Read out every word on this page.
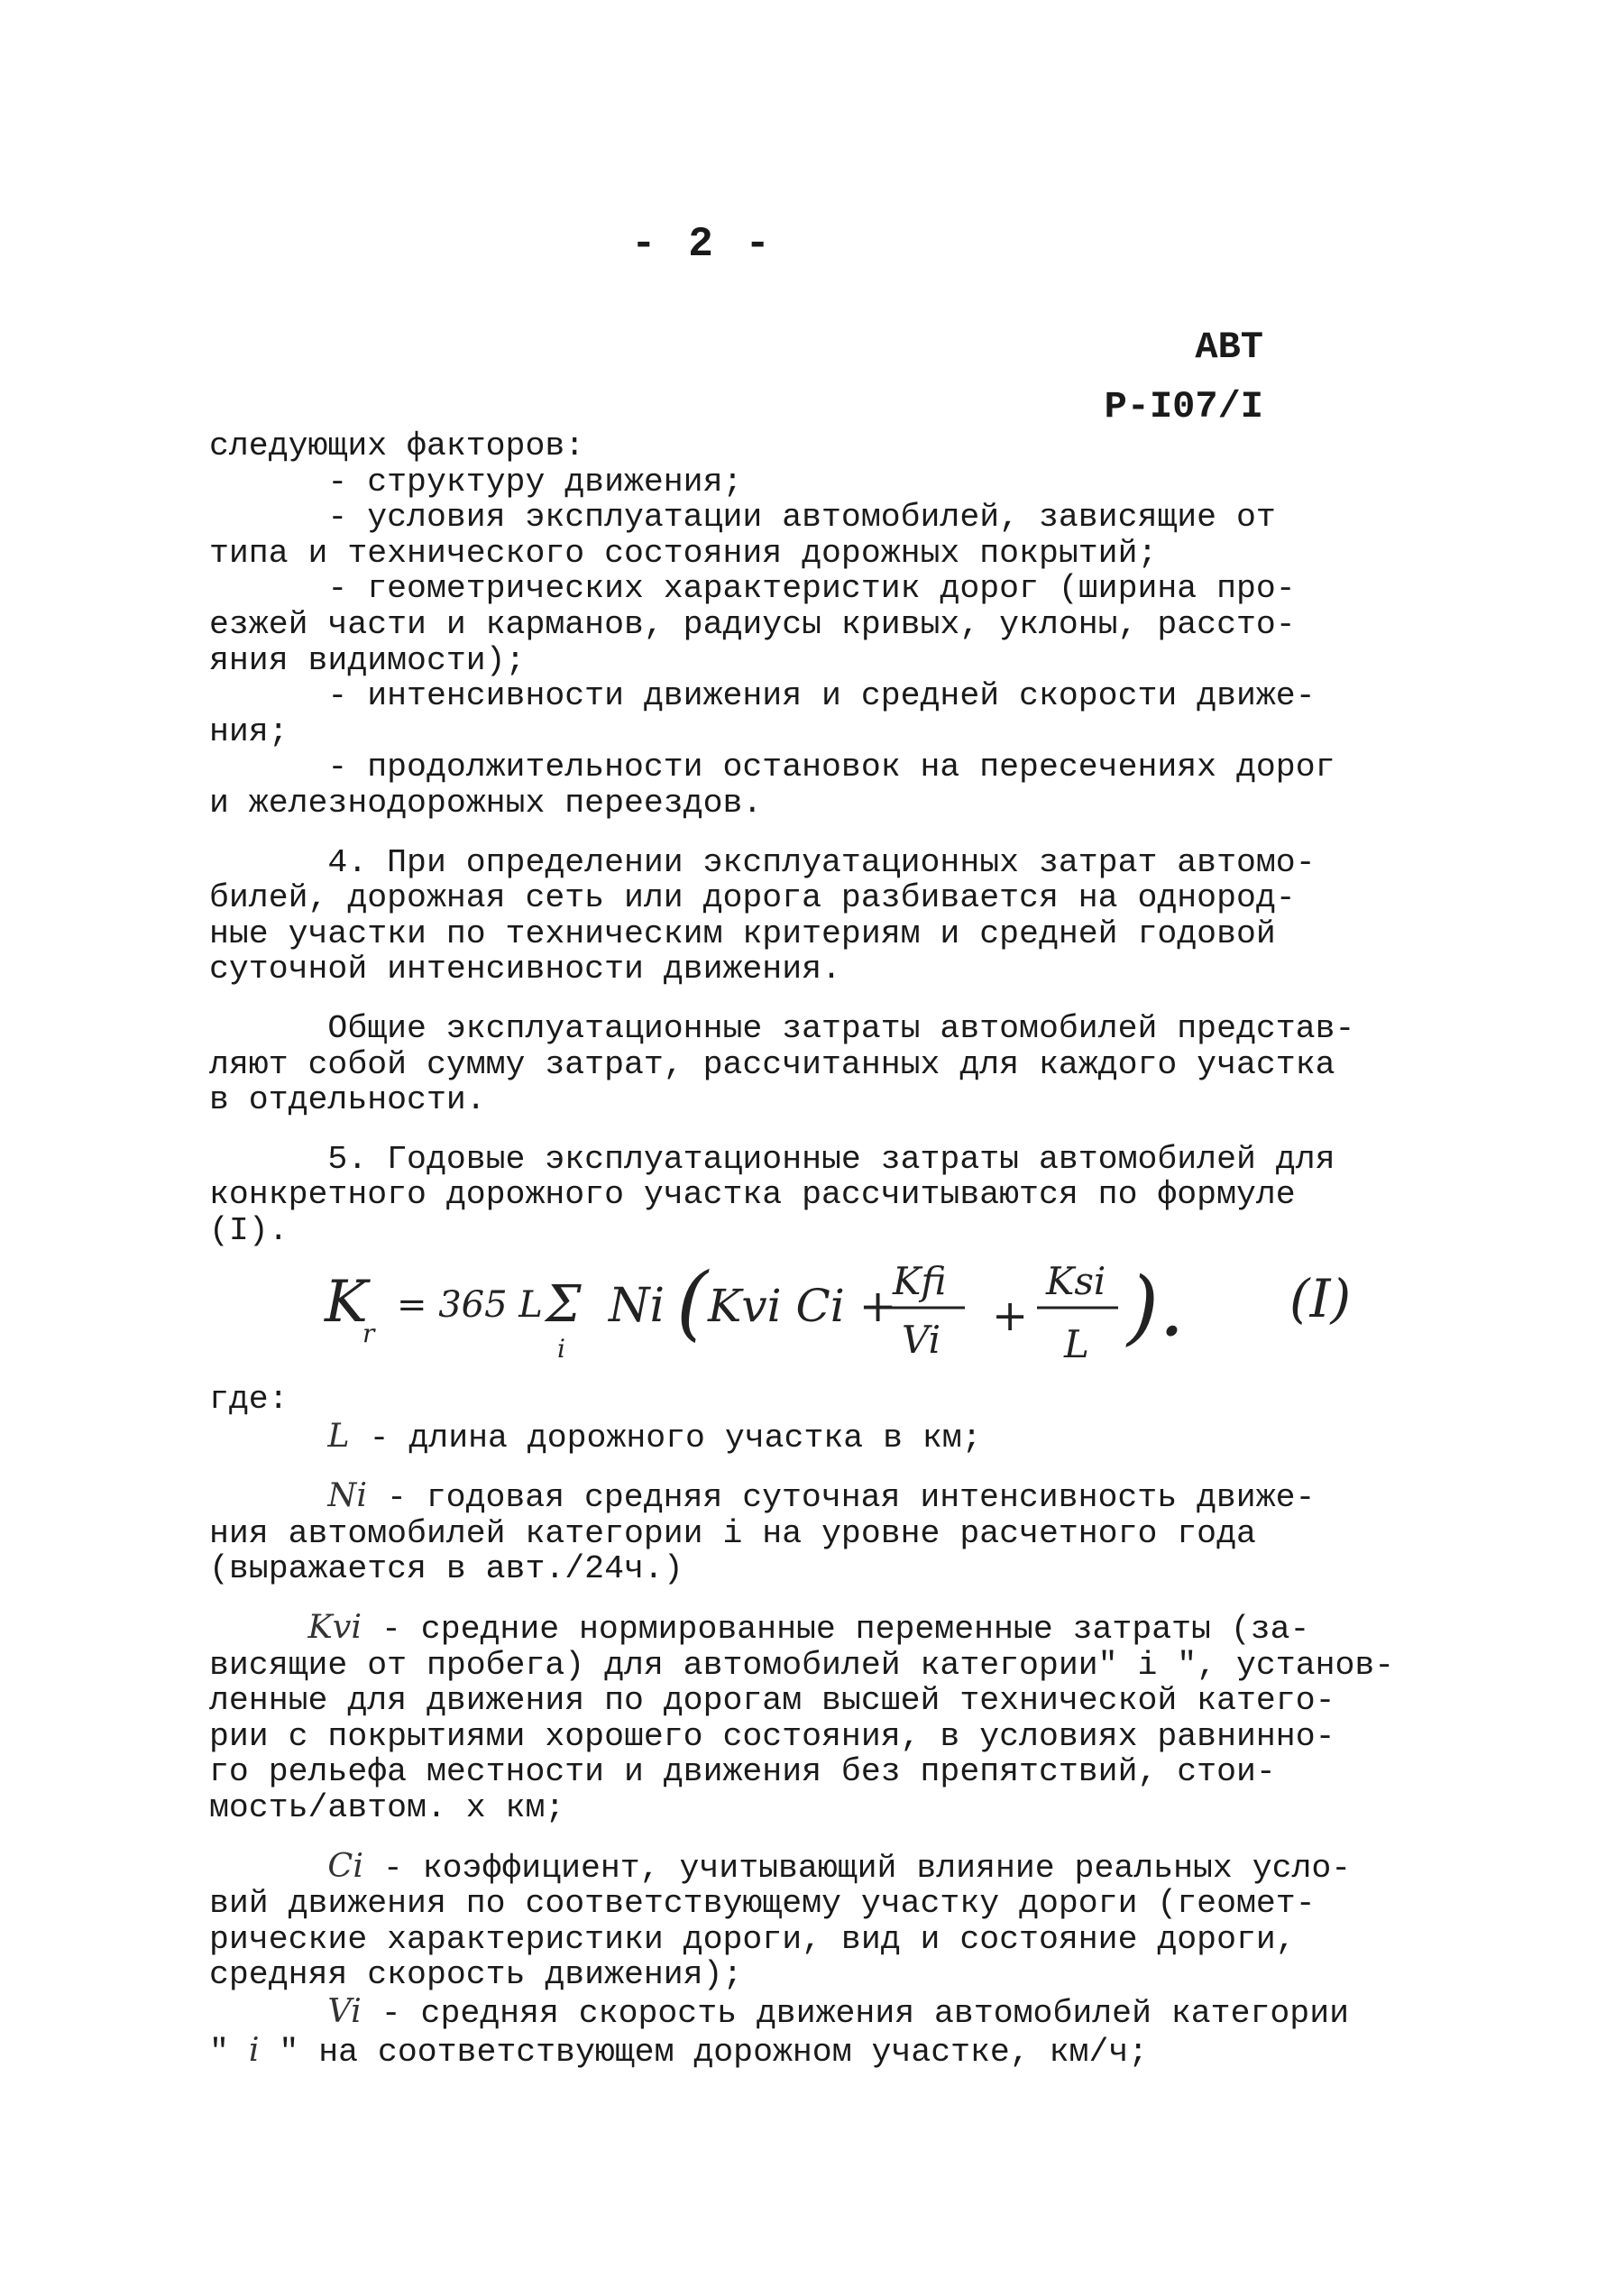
- 2 -
АВТ
Р-I07/I

следующих факторов:

- структуру движения;

- условия эксплуатации автомобилей, зависящие от

типа и технического состояния дорожных покрытий;

- геометрических характеристик дорог (ширина про-

езжей части и карманов, радиусы кривых, уклоны, рассто-

яния видимости);

- интенсивности движения и средней скорости движе-

ния;

- продолжительности остановок на пересечениях дорог

и железнодорожных переездов.

4. При определении эксплуатационных затрат автомо-

билей, дорожная сеть или дорога разбивается на однород-

ные участки по техническим критериям и средней годовой

суточной интенсивности движения.

Общие эксплуатационные затраты автомобилей представ-

ляют собой сумму затрат, рассчитанных для каждого участка

в отдельности.

5. Годовые эксплуатационные затраты автомобилей для

конкретного дорожного участка рассчитываются по формуле

(I).

K
r
= 365 L Σ
i
Ni ( Kvi Ci +
Kfi
Vi +
Ksi
L ). (I)

где:

L - длина дорожного участка в км;

Ni - годовая средняя суточная интенсивность движе-

ния автомобилей категории i на уровне расчетного года

(выражается в авт./24ч.)

Kvi - средние нормированные переменные затраты (за-

висящие от пробега) для автомобилей категории" i ", установ-

ленные для движения по дорогам высшей технической катего-

рии с покрытиями хорошего состояния, в условиях равнинно-

го рельефа местности и движения без препятствий, стои-

мость/автом. х км;

Ci - коэффициент, учитывающий влияние реальных усло-

вий движения по соответствующему участку дороги (геомет-

рические характеристики дороги, вид и состояние дороги,

средняя скорость движения);

Vi - средняя скорость движения автомобилей категории

" i " на соответствующем дорожном участке, км/ч;
